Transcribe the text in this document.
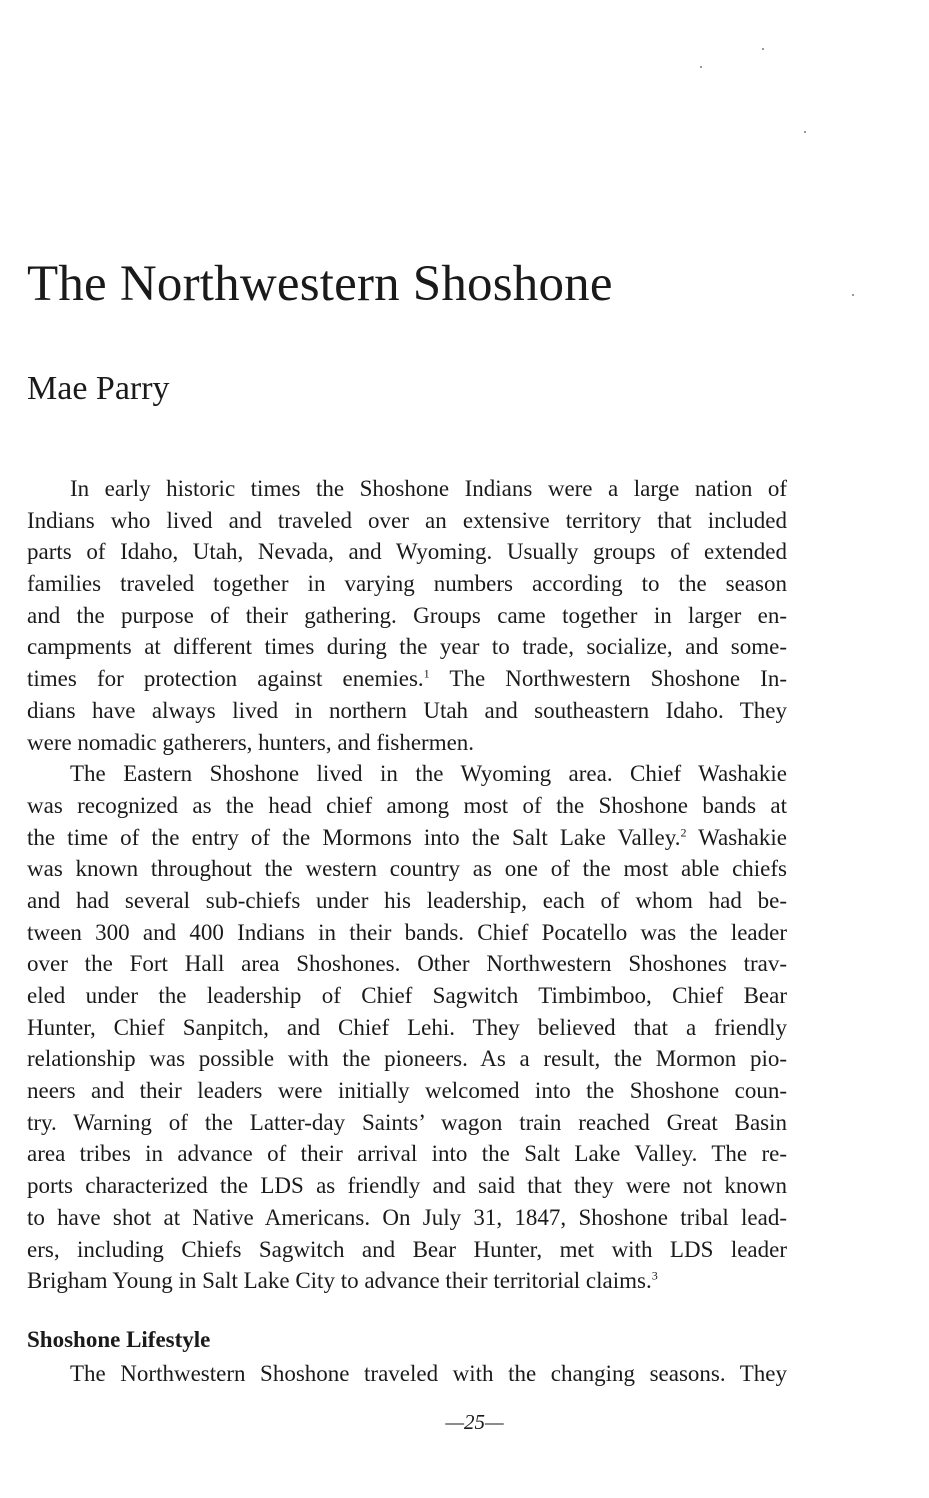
The Northwestern Shoshone
Mae Parry
In early historic times the Shoshone Indians were a large nation of
Indians who lived and traveled over an extensive territory that included
parts of Idaho, Utah, Nevada, and Wyoming. Usually groups of extended
families traveled together in varying numbers according to the season
and the purpose of their gathering. Groups came together in larger en-
campments at different times during the year to trade, socialize, and some-
times for protection against enemies.$^1$ The Northwestern Shoshone In-
dians have always lived in northern Utah and southeastern Idaho. They
were nomadic gatherers, hunters, and fishermen.
The Eastern Shoshone lived in the Wyoming area. Chief Washakie
was recognized as the head chief among most of the Shoshone bands at
the time of the entry of the Mormons into the Salt Lake Valley.$^2$ Washakie
was known throughout the western country as one of the most able chiefs
and had several sub-chiefs under his leadership, each of whom had be-
tween 300 and 400 Indians in their bands. Chief Pocatello was the leader
over the Fort Hall area Shoshones. Other Northwestern Shoshones trav-
eled under the leadership of Chief Sagwitch Timbimboo, Chief Bear
Hunter, Chief Sanpitch, and Chief Lehi. They believed that a friendly
relationship was possible with the pioneers. As a result, the Mormon pio-
neers and their leaders were initially welcomed into the Shoshone coun-
try. Warning of the Latter-day Saints’ wagon train reached Great Basin
area tribes in advance of their arrival into the Salt Lake Valley. The re-
ports characterized the LDS as friendly and said that they were not known
to have shot at Native Americans. On July 31, 1847, Shoshone tribal lead-
ers, including Chiefs Sagwitch and Bear Hunter, met with LDS leader
Brigham Young in Salt Lake City to advance their territorial claims.$^3$
Shoshone Lifestyle
The Northwestern Shoshone traveled with the changing seasons. They
—25—
